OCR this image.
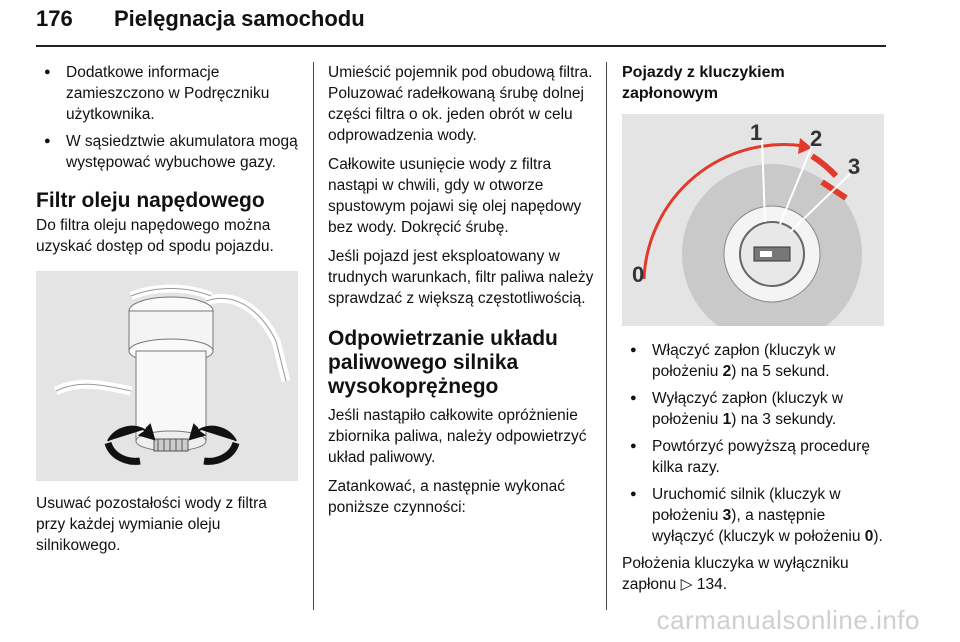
176 Pielęgnacja samochodu
● Dodatkowe informacje zamieszczono w Podręczniku użytkownika.
● W sąsiedztwie akumulatora mogą występować wybuchowe gazy.
Filtr oleju napędowego

Do filtra oleju napędowego można uzyskać dostęp od spodu pojazdu.

Usuwać pozostałości wody z filtra przy każdej wymianie oleju silnikowego.

Umieścić pojemnik pod obudową filtra. Poluzować radełkowaną śrubę dolnej części filtra o ok. jeden obrót w celu odprowadzenia wody.

Całkowite usunięcie wody z filtra nastąpi w chwili, gdy w otworze spustowym pojawi się olej napędowy bez wody. Dokręcić śrubę.

Jeśli pojazd jest eksploatowany w trudnych warunkach, filtr paliwa należy sprawdzać z większą częstotliwością.

Odpowietrzanie układu paliwowego silnika wysokoprężnego

Jeśli nastąpiło całkowite opróżnienie zbiornika paliwa, należy odpowietrzyć układ paliwowy.

Zatankować, a następnie wykonać poniższe czynności:

Pojazdy z kluczykiem zapłonowym
0
1 2
3
● Włączyć zapłon (kluczyk w położeniu 2) na 5 sekund.
● Wyłączyć zapłon (kluczyk w położeniu 1) na 3 sekundy.
● Powtórzyć powyższą procedurę kilka razy.
● Uruchomić silnik (kluczyk w położeniu 3), a następnie wyłączyć (kluczyk w położeniu 0).

Położenia kluczyka w wyłączniku zapłonu ▷ 134.

carmanualsonline.info
